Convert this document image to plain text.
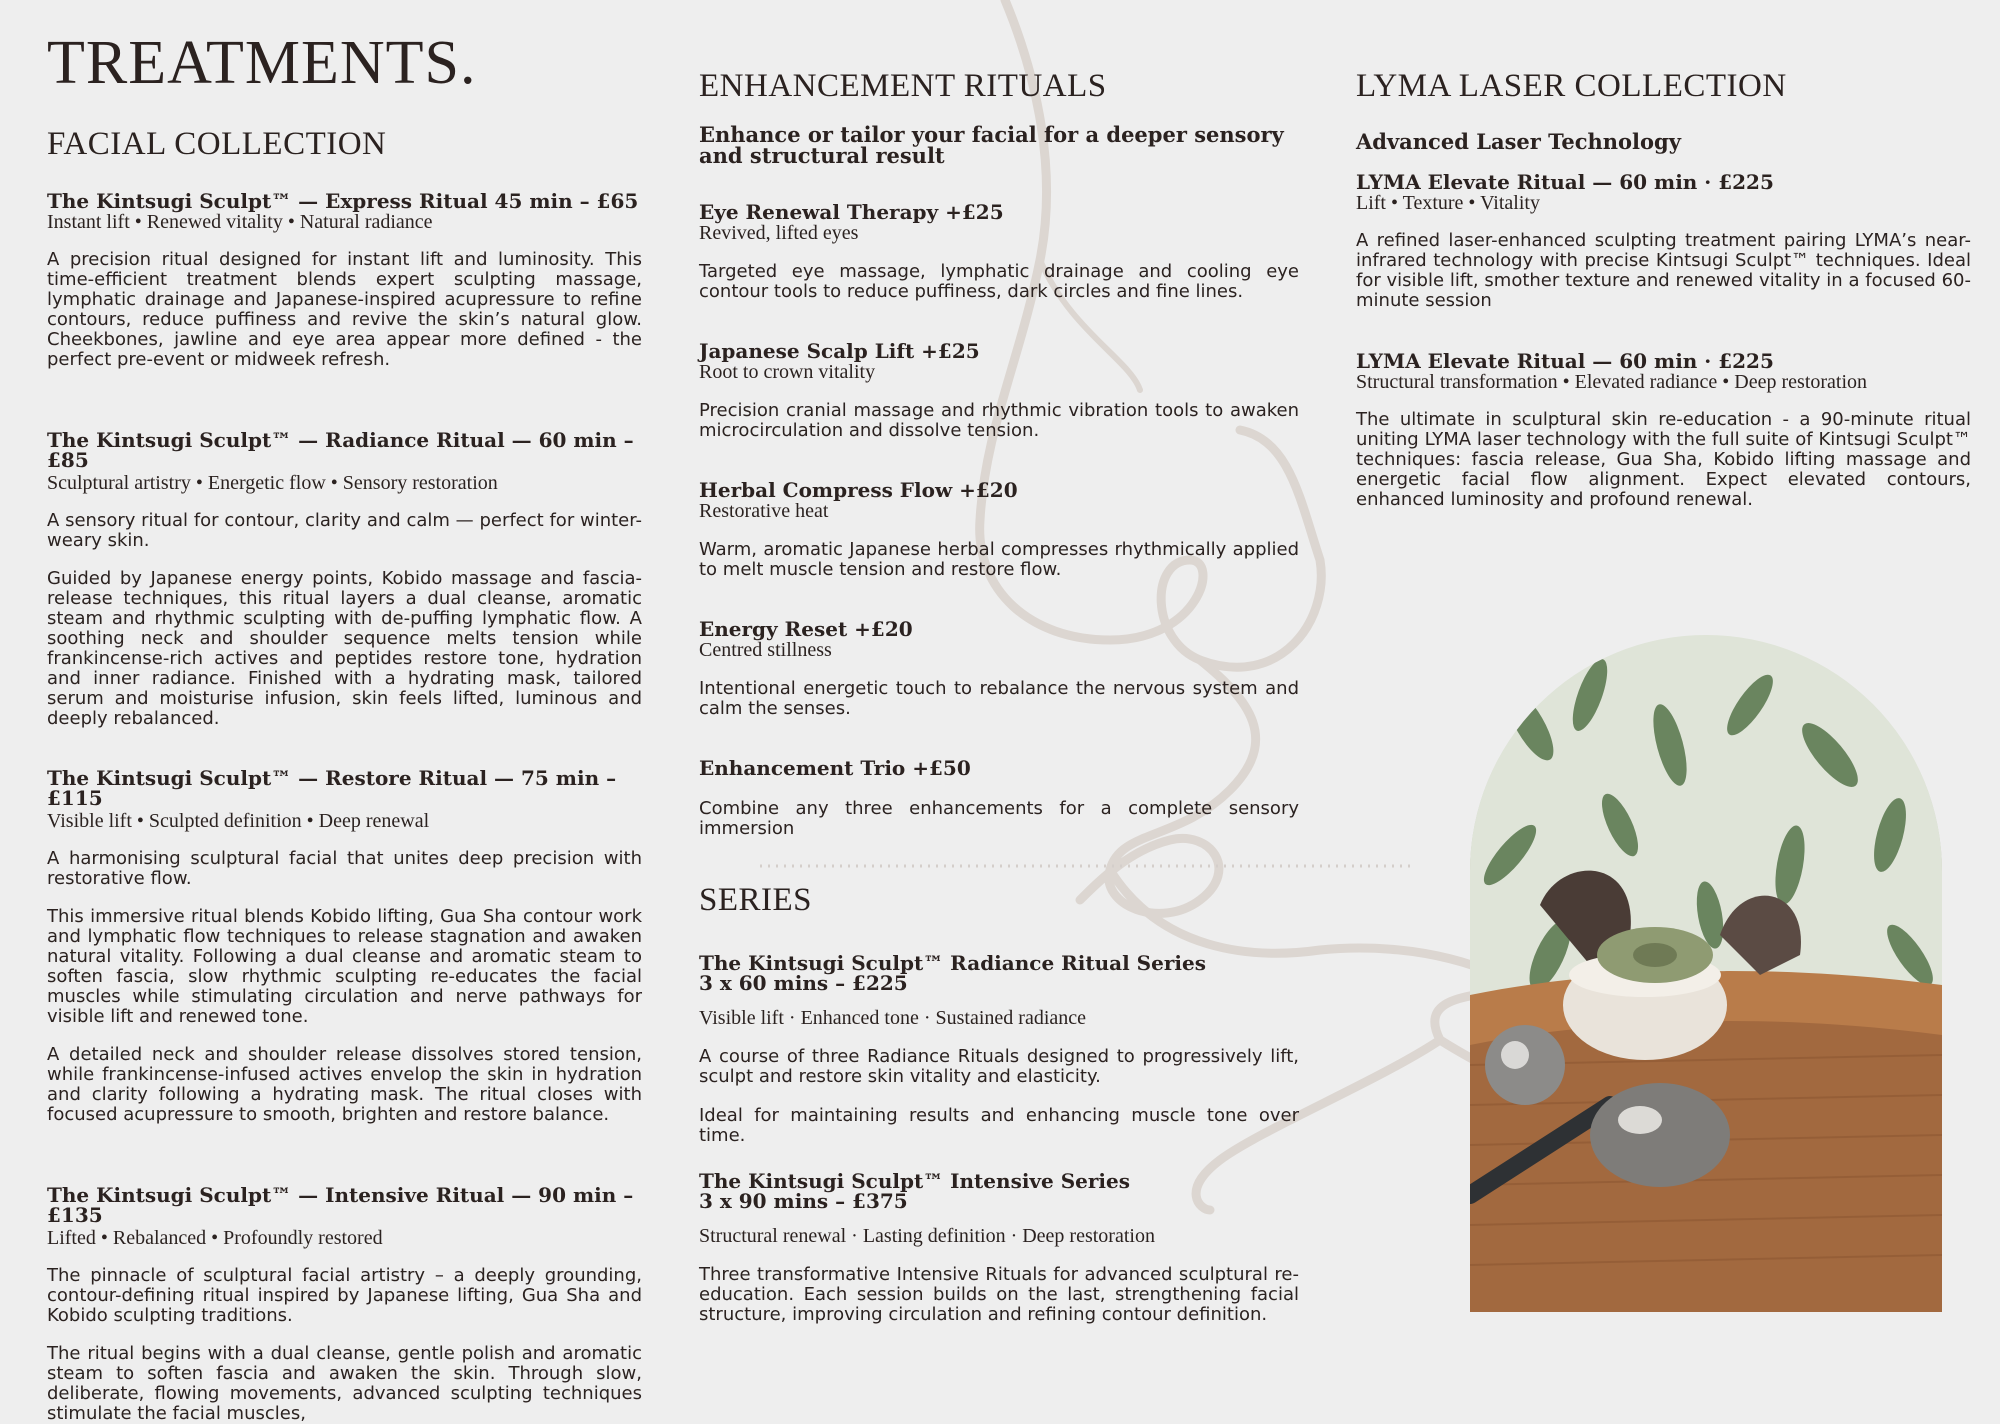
TREATMENTS.
FACIAL COLLECTION

The Kintsugi Sculpt™ — Express Ritual 45 min – £65

Instant lift • Renewed vitality • Natural radiance

A precision ritual designed for instant lift and luminosity. This time-efficient treatment blends expert sculpting massage, lymphatic drainage and Japanese-inspired acupressure to refine contours, reduce puffiness and revive the skin’s natural glow. Cheekbones, jawline and eye area appear more defined - the perfect pre-event or midweek refresh.

The Kintsugi Sculpt™ — Radiance Ritual — 60 min – £85

Sculptural artistry • Energetic flow • Sensory restoration

A sensory ritual for contour, clarity and calm — perfect for winter-weary skin.

Guided by Japanese energy points, Kobido massage and fascia-release techniques, this ritual layers a dual cleanse, aromatic steam and rhythmic sculpting with de-puffing lymphatic flow. A soothing neck and shoulder sequence melts tension while frankincense-rich actives and peptides restore tone, hydration and inner radiance. Finished with a hydrating mask, tailored serum and moisturise infusion, skin feels lifted, luminous and deeply rebalanced.

The Kintsugi Sculpt™ — Restore Ritual — 75 min – £115

Visible lift • Sculpted definition • Deep renewal

A harmonising sculptural facial that unites deep precision with restorative flow.

This immersive ritual blends Kobido lifting, Gua Sha contour work and lymphatic flow techniques to release stagnation and awaken natural vitality. Following a dual cleanse and aromatic steam to soften fascia, slow rhythmic sculpting re-educates the facial muscles while stimulating circulation and nerve pathways for visible lift and renewed tone.

A detailed neck and shoulder release dissolves stored tension, while frankincense-infused actives envelop the skin in hydration and clarity following a hydrating mask. The ritual closes with focused acupressure to smooth, brighten and restore balance.

The Kintsugi Sculpt™ — Intensive Ritual — 90 min – £135

Lifted • Rebalanced • Profoundly restored

The pinnacle of sculptural facial artistry – a deeply grounding, contour-defining ritual inspired by Japanese lifting, Gua Sha and Kobido sculpting traditions.

The ritual begins with a dual cleanse, gentle polish and aromatic steam to soften fascia and awaken the skin. Through slow, deliberate, flowing movements, advanced sculpting techniques stimulate the facial muscles,

ENHANCEMENT RITUALS

Enhance or tailor your facial for a deeper sensory and structural result

Eye Renewal Therapy +£25

Revived, lifted eyes

Targeted eye massage, lymphatic drainage and cooling eye contour tools to reduce puffiness, dark circles and fine lines.

Japanese Scalp Lift +£25

Root to crown vitality

Precision cranial massage and rhythmic vibration tools to awaken microcirculation and dissolve tension.

Herbal Compress Flow +£20

Restorative heat

Warm, aromatic Japanese herbal compresses rhythmically applied to melt muscle tension and restore flow.

Energy Reset +£20

Centred stillness

Intentional energetic touch to rebalance the nervous system and calm the senses.

Enhancement Trio +£50

Combine any three enhancements for a complete sensory immersion

SERIES

The Kintsugi Sculpt™ Radiance Ritual Series

3 x 60 mins – £225

Visible lift · Enhanced tone · Sustained radiance

A course of three Radiance Rituals designed to progressively lift, sculpt and restore skin vitality and elasticity.

Ideal for maintaining results and enhancing muscle tone over time.

The Kintsugi Sculpt™ Intensive Series

3 x 90 mins – £375

Structural renewal · Lasting definition · Deep restoration

Three transformative Intensive Rituals for advanced sculptural re-education. Each session builds on the last, strengthening facial structure, improving circulation and refining contour definition.

LYMA LASER COLLECTION

Advanced Laser Technology

LYMA Elevate Ritual — 60 min · £225

Lift • Texture • Vitality

A refined laser-enhanced sculpting treatment pairing LYMA’s near-infrared technology with precise Kintsugi Sculpt™ techniques. Ideal for visible lift, smother texture and renewed vitality in a focused 60-minute session

LYMA Elevate Ritual — 60 min · £225

Structural transformation • Elevated radiance • Deep restoration

The ultimate in sculptural skin re-education - a 90-minute ritual uniting LYMA laser technology with the full suite of Kintsugi Sculpt™ techniques: fascia release, Gua Sha, Kobido lifting massage and energetic facial flow alignment. Expect elevated contours, enhanced luminosity and profound renewal.
